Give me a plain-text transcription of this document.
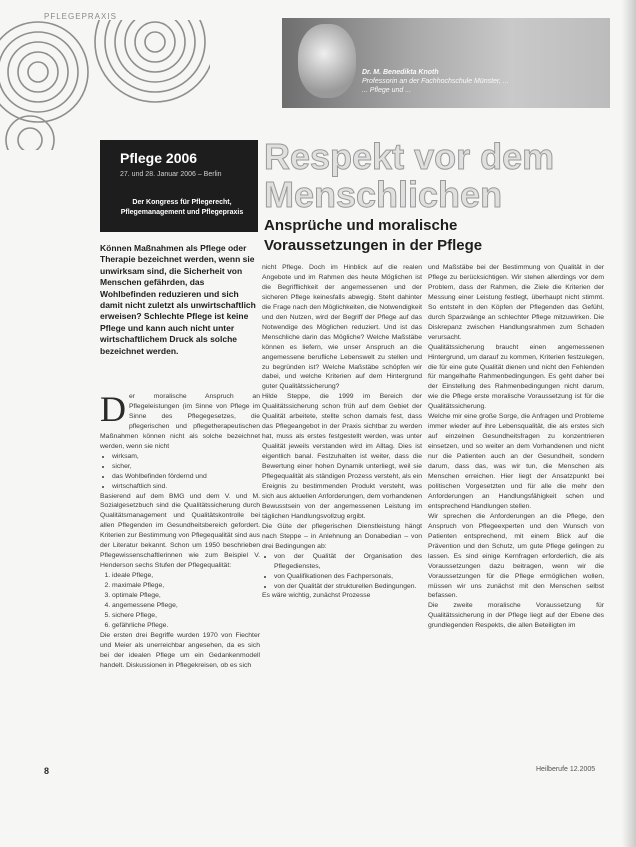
PFLEGEPRAXIS
Dr. M. Benedikta Knoth
Professorin an der Fachhochschule Münster, ...
... Pflege und ...
Pflege 2006
27. und 28. Januar 2006 – Berlin
Der Kongress für Pflegerecht,
Pflegemanagement und Pflegepraxis
Respekt vor dem
Menschlichen
Ansprüche und moralische
Voraussetzungen in der Pflege
Können Maßnahmen als Pflege oder Therapie bezeichnet werden, wenn sie unwirksam sind, die Sicherheit von Menschen gefährden, das Wohlbefinden reduzieren und sich damit nicht zuletzt als unwirtschaftlich erweisen? Schlechte Pflege ist keine Pflege und kann auch nicht unter wirtschaftlichem Druck als solche bezeichnet werden.

Der moralische Anspruch an Pflegeleistungen (im Sinne von Pflege im Sinne des Pflegegesetzes, die pflegerischen und pflegetherapeutischen Maßnahmen können nicht als solche bezeichnet werden, wenn sie nicht

• wirksam,
• sicher,
• das Wohlbefinden fördernd und
• wirtschaftlich sind.

Basierend auf dem BMG und dem V. und M. Sozialgesetzbuch sind die Qualitätssicherung durch Qualitätsmanagement und Qualitätskontrolle bei allen Pflegenden im Gesundheitsbereich gefordert. Kriterien zur Bestimmung von Pflegequalität sind aus der Literatur bekannt. Schon um 1950 beschrieben Pflegewissenschaftlerinnen wie zum Beispiel V. Henderson sechs Stufen der Pflegequalität:

1. ideale Pflege,
2. maximale Pflege,
3. optimale Pflege,
4. angemessene Pflege,
5. sichere Pflege,
6. gefährliche Pflege.

Die ersten drei Begriffe wurden 1970 von Fiechter und Meier als unerreichbar angesehen, da es sich bei der idealen Pflege um ein Gedankenmodell handelt. Diskussionen in Pflegekreisen, ob es sich

nicht Pflege. Doch im Hinblick auf die realen Angebote und im Rahmen des heute Möglichen ist die Begrifflichkeit der angemessenen und der sicheren Pflege keinesfalls abwegig. Steht dahinter die Frage nach den Möglichkeiten, die Notwendigkeit und den Nutzen, wird der Begriff der Pflege auf das Notwendige des Möglichen reduziert. Und ist das Menschliche darin das Mögliche? Welche Maßstäbe können es liefern, wie unser Anspruch an die angemessene berufliche Lebenswelt zu stellen und zu begründen ist? Welche Maßstäbe schöpfen wir dabei, und welche Kriterien auf dem Hintergrund guter Qualitätssicherung?

Hilde Steppe, die 1999 im Bereich der Qualitätssicherung schon früh auf dem Gebiet der Qualität arbeitete, stellte schon damals fest, dass das Pflegeangebot in der Praxis sichtbar zu werden hat, muss als erstes festgestellt werden, was unter Qualität jeweils verstanden wird im Alltag. Dies ist eigentlich banal. Festzuhalten ist weiter, dass die Bewertung einer hohen Dynamik unterliegt, weil sie Pflegequalität als ständigen Prozess versteht, als ein Ereignis zu bestimmenden Produkt versteht, was sich aus aktuellen Anforderungen, dem vorhandenen Bewusstsein von der angemessenen Leistung im täglichen Handlungsvollzug ergibt.

Die Güte der pflegerischen Dienstleistung hängt nach Steppe – in Anlehnung an Donabedian – von drei Bedingungen ab:

• von der Qualität der Organisation des Pflegedienstes,
• von Qualifikationen des Fachpersonals,
• von der Qualität der strukturellen Bedingungen.

Es wäre wichtig, zunächst Prozesse

und Maßstäbe bei der Bestimmung von Qualität in der Pflege zu berücksichtigen. Wir stehen allerdings vor dem Problem, dass der Rahmen, die Ziele die Kriterien der Messung einer Leistung festlegt, überhaupt nicht stimmt. So entsteht in den Köpfen der Pflegenden das Gefühl, durch Sparzwänge an schlechter Pflege mitzuwirken. Die Diskrepanz zwischen Handlungsrahmen zum Schaden verursacht.

Qualitätssicherung braucht einen angemessenen Hintergrund, um darauf zu kommen, Kriterien festzulegen, die für eine gute Qualität dienen und nicht den Fehlenden für mangelhafte Rahmenbedingungen. Es geht daher bei der Einstellung des Rahmenbedingungen nicht darum, wie die Pflege erste moralische Voraussetzung ist für die Qualitätssicherung.

Welche mir eine große Sorge, die Anfragen und Probleme immer wieder auf ihre Lebensqualität, die als erstes sich auf einzelnen Gesundheitsfragen zu konzentrieren einsetzen, und so weiter an dem Vorhandenen und nicht nur die Patienten auch an der Gesundheit, sondern darum, dass das, was wir tun, die Menschen als Menschen erreichen. Hier liegt der Ansatzpunkt bei politischen Vorgesetzten und für alle die mehr den Anforderungen an Handlungsfähigkeit schen und entsprechend Handlungen stellen.

Wir sprechen die Anforderungen an die Pflege, den Anspruch von Pflegeexperten und den Wunsch von Patienten entsprechend, mit einem Blick auf die Prävention und den Schutz, um gute Pflege gelingen zu lassen. Es sind einige Kernfragen erforderlich, die als Voraussetzungen dazu beitragen, wenn wir die Voraussetzungen für die Pflege ermöglichen wollen, müssen wir uns zunächst mit den Menschen selbst befassen.

Die zweite moralische Voraussetzung für Qualitätssicherung in der Pflege liegt auf der Ebene des grundlegenden Respekts, die allen Beteiligten im

8	Heilberufe 12.2005
